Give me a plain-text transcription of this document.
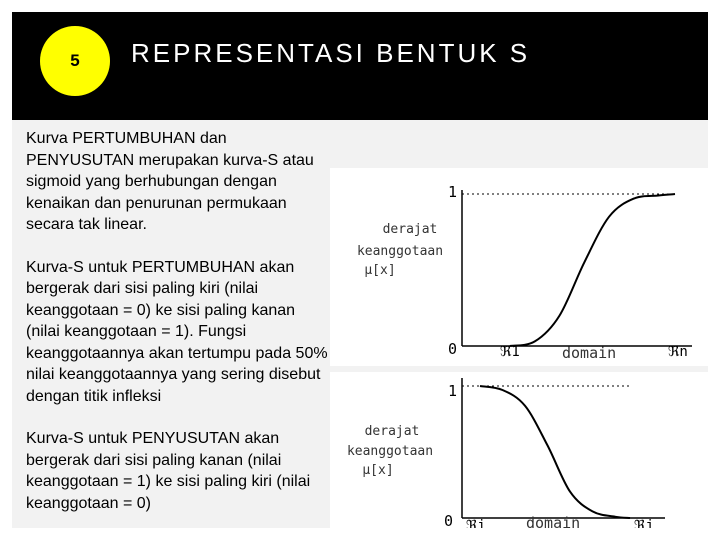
5	REPRESENTASI BENTUK S

Kurva PERTUMBUHAN dan PENYUSUTAN merupakan kurva-S atau sigmoid yang berhubungan dengan kenaikan dan penurunan permukaan secara tak linear.

Kurva-S untuk PERTUMBUHAN akan bergerak dari sisi paling kiri (nilai keanggotaan = 0) ke sisi paling kanan (nilai keanggotaan = 1). Fungsi keanggotaannya akan tertumpu pada 50% nilai keanggotaannya yang sering disebut dengan titik infleksi

Kurva-S untuk PENYUSUTAN akan bergerak dari sisi paling kanan (nilai keanggotaan = 1) ke sisi paling kiri (nilai keanggotaan = 0)

1
0
derajat
keanggotaan
μ[x]
ℜ1	ℜn
domain
1
0
derajat
keanggotaan
μ[x]
ℜi	ℜj
domain
